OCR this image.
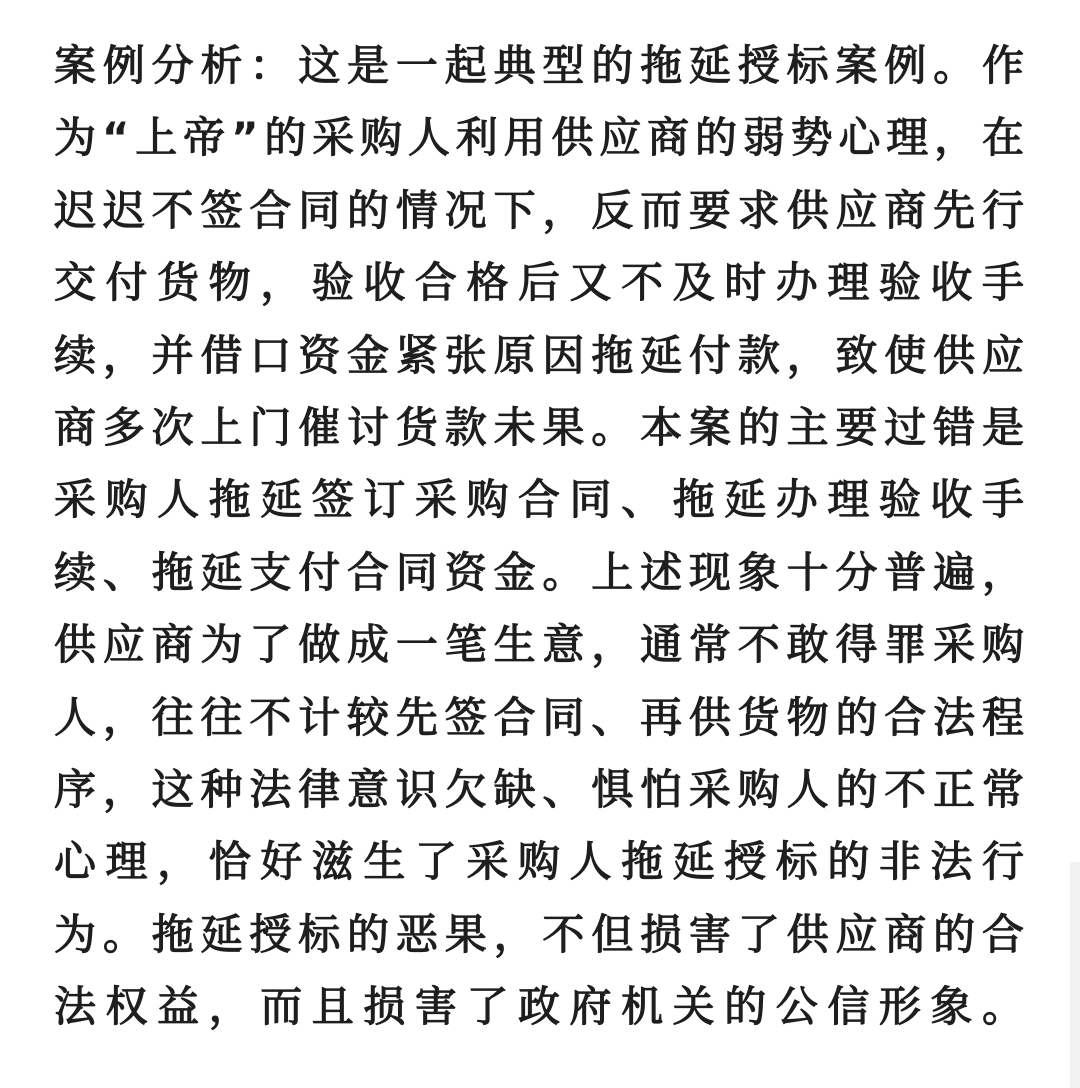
案例分析：这是一起典型的拖延授标案例。作
为“上帝”的采购人利用供应商的弱势心理，在
迟迟不签合同的情况下，反而要求供应商先行
交付货物，验收合格后又不及时办理验收手
续，并借口资金紧张原因拖延付款，致使供应
商多次上门催讨货款未果。本案的主要过错是
采购人拖延签订采购合同、拖延办理验收手
续、拖延支付合同资金。上述现象十分普遍，
供应商为了做成一笔生意，通常不敢得罪采购
人，往往不计较先签合同、再供货物的合法程
序，这种法律意识欠缺、惧怕采购人的不正常
心理，恰好滋生了采购人拖延授标的非法行
为。拖延授标的恶果，不但损害了供应商的合
法权益，而且损害了政府机关的公信形象。
